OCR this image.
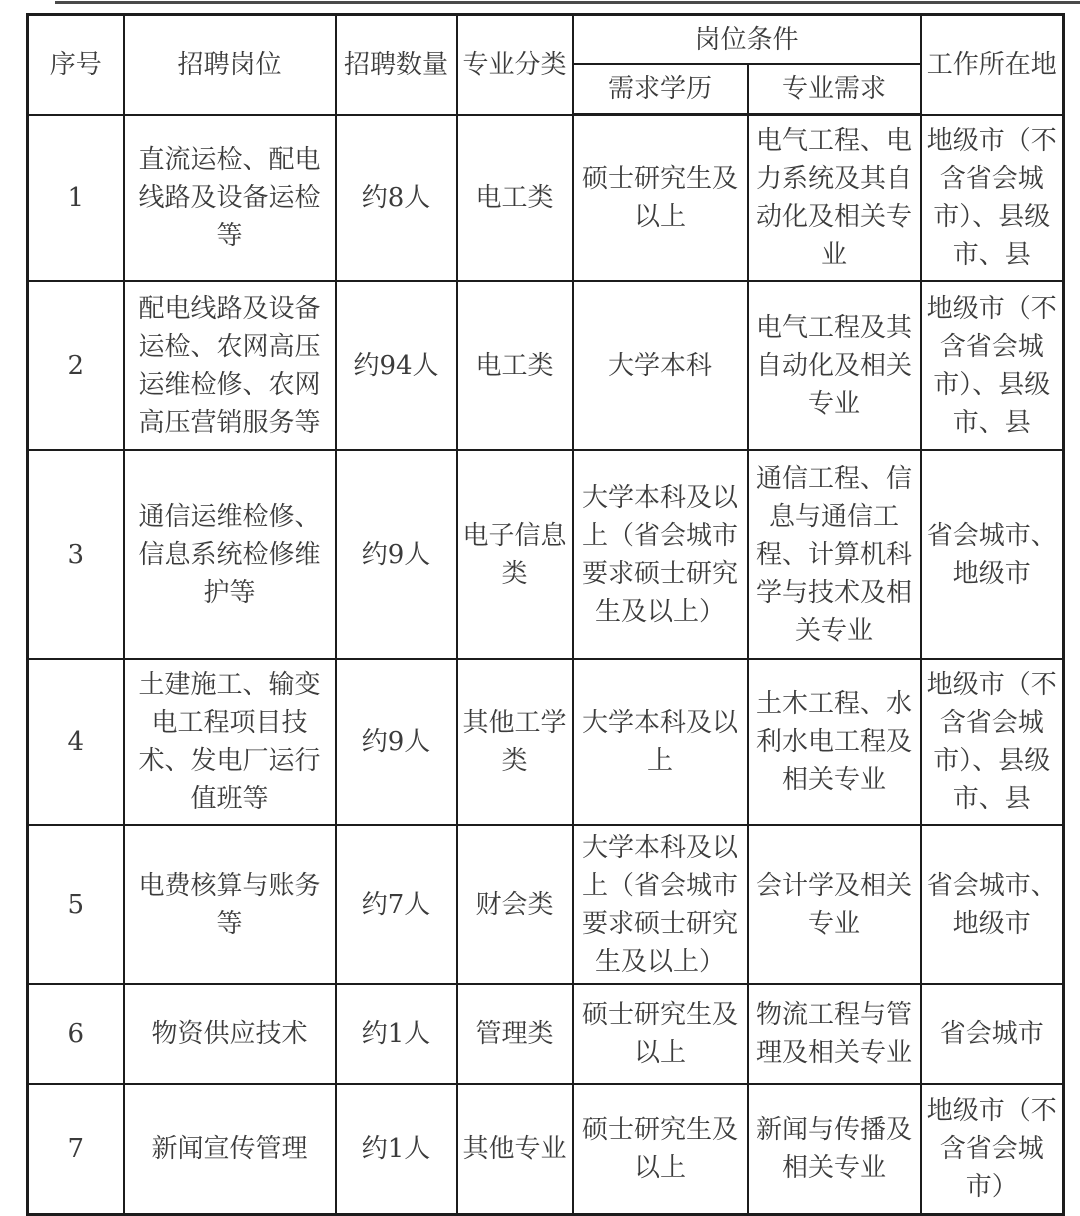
序号	招聘岗位	招聘数量	专业分类	岗位条件		工作所在地
				需求学历	专业需求	
1	直流运检、配电线路及设备运检等	约8人	电工类	硕士研究生及以上	电气工程、电力系统及其自动化及相关专业	地级市（不含省会城市）、县级市、县
2	配电线路及设备运检、农网高压运维检修、农网高压营销服务等	约94人	电工类	大学本科	电气工程及其自动化及相关专业	地级市（不含省会城市）、县级市、县
3	通信运维检修、信息系统检修维护等	约9人	电子信息类	大学本科及以上（省会城市要求硕士研究生及以上）	通信工程、信息与通信工程、计算机科学与技术及相关专业	省会城市、地级市
4	土建施工、输变电工程项目技术、发电厂运行值班等	约9人	其他工学类	大学本科及以上	土木工程、水利水电工程及相关专业	地级市（不含省会城市）、县级市、县
5	电费核算与账务等	约7人	财会类	大学本科及以上（省会城市要求硕士研究生及以上）	会计学及相关专业	省会城市、地级市
6	物资供应技术	约1人	管理类	硕士研究生及以上	物流工程与管理及相关专业	省会城市
7	新闻宣传管理	约1人	其他专业	硕士研究生及以上	新闻与传播及相关专业	地级市（不含省会城市）
